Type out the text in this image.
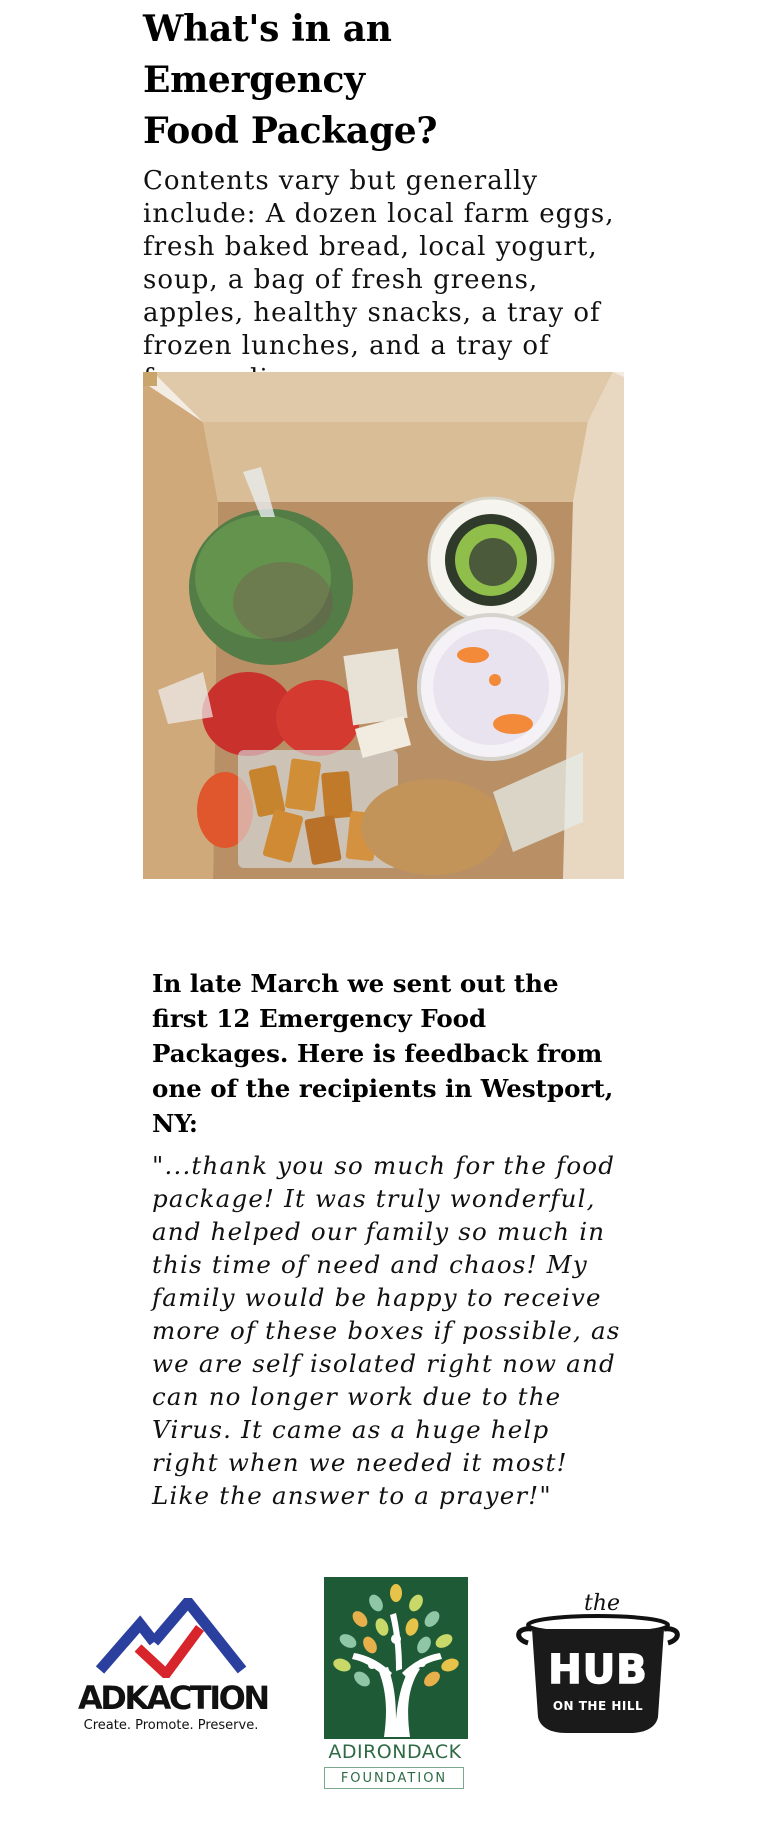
What's in an Emergency
Food Package?

Contents vary but generally include: A dozen local farm eggs, fresh baked bread, local yogurt, soup, a bag of fresh greens, apples, healthy snacks, a tray of frozen lunches, and a tray of

In late March we sent out the first 12 Emergency Food Packages. Here is feedback from one of the recipients in Westport, NY:

"...thank you so much for the food package! It was truly wonderful, and helped our family so much in this time of need and chaos! My family would be happy to receive more of these boxes if possible, as we are self isolated right now and can no longer work due to the Virus. It came as a huge help right when we needed it most! Like the answer to a prayer!"

ADKACTION
Create. Promote. Preserve.
ADIRONDACK
FOUNDATION
the
HUB
ON THE HILL
